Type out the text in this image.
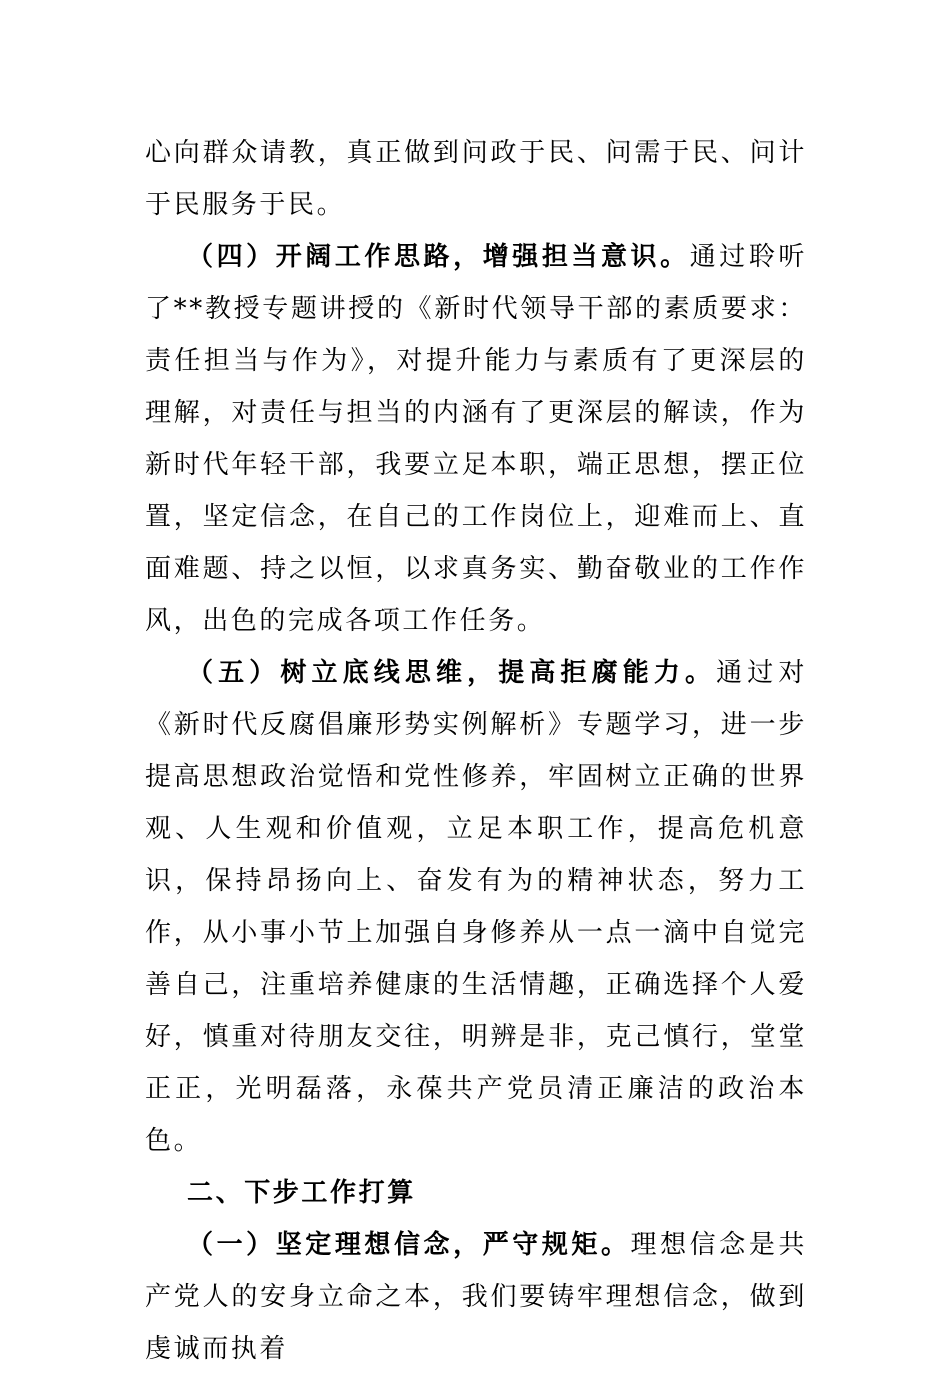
心向群众请教，真正做到问政于民、问需于民、问计于民服务于民。

（四）开阔工作思路，增强担当意识。通过聆听了**教授专题讲授的《新时代领导干部的素质要求：责任担当与作为》，对提升能力与素质有了更深层的理解，对责任与担当的内涵有了更深层的解读，作为新时代年轻干部，我要立足本职，端正思想，摆正位置，坚定信念，在自己的工作岗位上，迎难而上、直面难题、持之以恒，以求真务实、勤奋敬业的工作作风，出色的完成各项工作任务。

（五）树立底线思维，提高拒腐能力。通过对《新时代反腐倡廉形势实例解析》专题学习，进一步提高思想政治觉悟和党性修养，牢固树立正确的世界观、人生观和价值观，立足本职工作，提高危机意识，保持昂扬向上、奋发有为的精神状态，努力工作，从小事小节上加强自身修养从一点一滴中自觉完善自己，注重培养健康的生活情趣，正确选择个人爱好，慎重对待朋友交往，明辨是非，克己慎行，堂堂正正，光明磊落，永葆共产党员清正廉洁的政治本色。

二、下步工作打算

（一）坚定理想信念，严守规矩。理想信念是共产党人的安身立命之本，我们要铸牢理想信念，做到虔诚而执着
